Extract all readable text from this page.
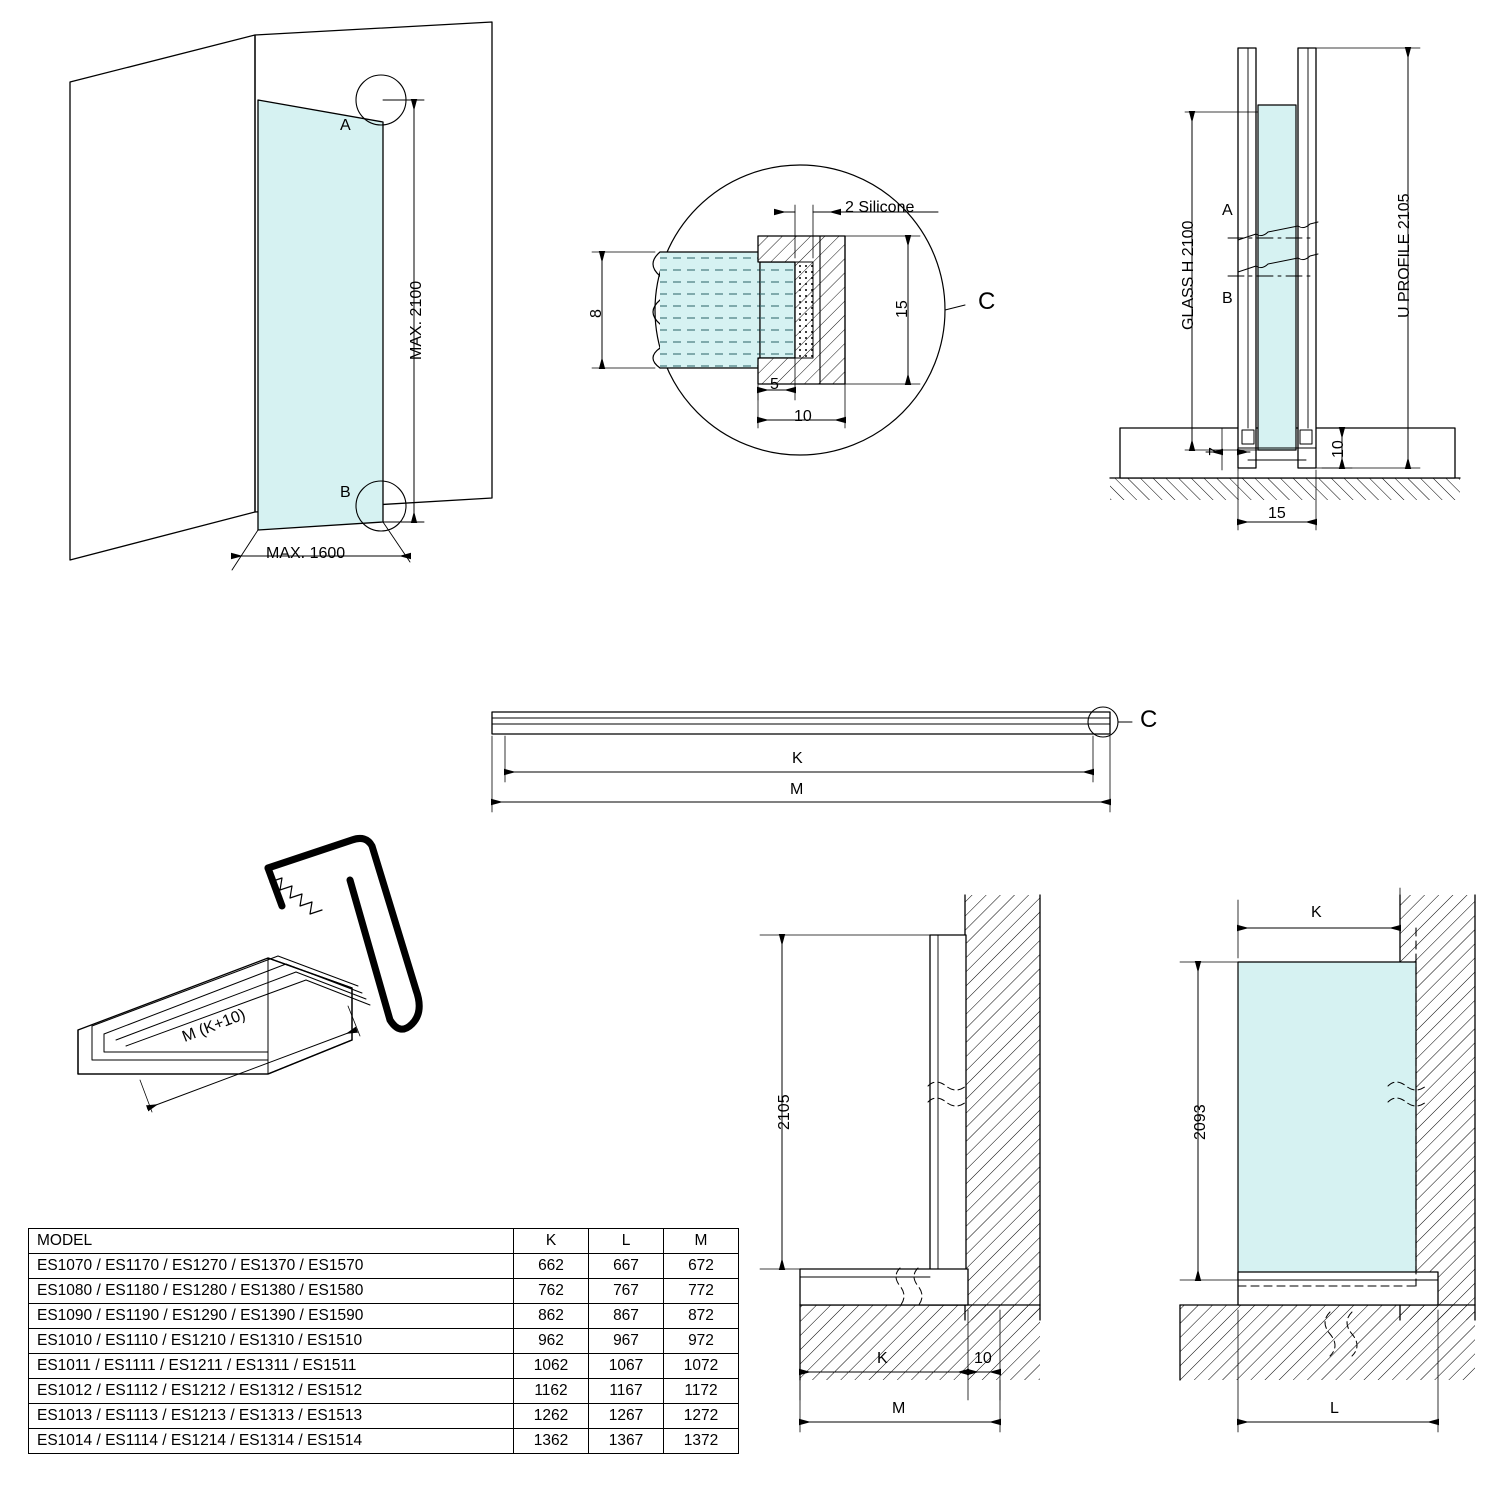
A
B
MAX. 2100
MAX. 1600
2 Silicone
8	15
5
10
C	GLASS H 2100	U PROFILE 2105
A
B
7	10
15
K
M
C
M (K+10)
2105
K	10
M
K
2093
L
MODEL	K	L	M
ES1070 / ES1170 / ES1270 / ES1370 / ES1570	662	667	672
ES1080 / ES1180 / ES1280 / ES1380 / ES1580	762	767	772
ES1090 / ES1190 / ES1290 / ES1390 / ES1590	862	867	872
ES1010 / ES1110 / ES1210 / ES1310 / ES1510	962	967	972
ES1011 / ES1111 / ES1211 / ES1311 / ES1511	1062	1067	1072
ES1012 / ES1112 / ES1212 / ES1312 / ES1512	1162	1167	1172
ES1013 / ES1113 / ES1213 / ES1313 / ES1513	1262	1267	1272
ES1014 / ES1114 / ES1214 / ES1314 / ES1514	1362	1367	1372
